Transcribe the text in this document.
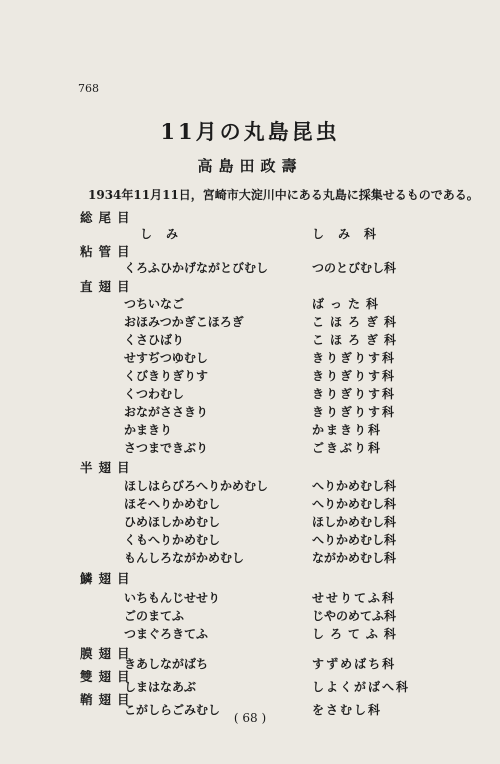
768
11月の丸島昆虫
高島田政壽
1934年11月11日，宮崎市大淀川中にある丸島に採集せるものである。
総尾目
しみ	しみ科
粘管目
くろふひかげながとびむし	つのとびむし科
直翅目
つちいなご	ばった科
おほみつかぎこほろぎ	こほろぎ科
くさひばり	こほろぎ科
せすぢつゆむし	きりぎりす科
くびきりぎりす	きりぎりす科
くつわむし	きりぎりす科
おながささきり	きりぎりす科
かまきり	かまきり科
さつまできぶり	ごきぶり科
半翅目
ほしはらびろへりかめむし	へりかめむし科
ほそへりかめむし	へりかめむし科
ひめほしかめむし	ほしかめむし科
くもへりかめむし	へりかめむし科
もんしろながかめむし	ながかめむし科
鱗翅目
いちもんじせせり	せせりてふ科
ごのまてふ	じやのめてふ科
つまぐろきてふ	しろてふ科
( 68 )
膜翅目
きあしながばち	すずめばち科
雙翅目
しまはなあぶ	しよくがばへ科
鞘翅目
こがしらごみむし	をさむし科
